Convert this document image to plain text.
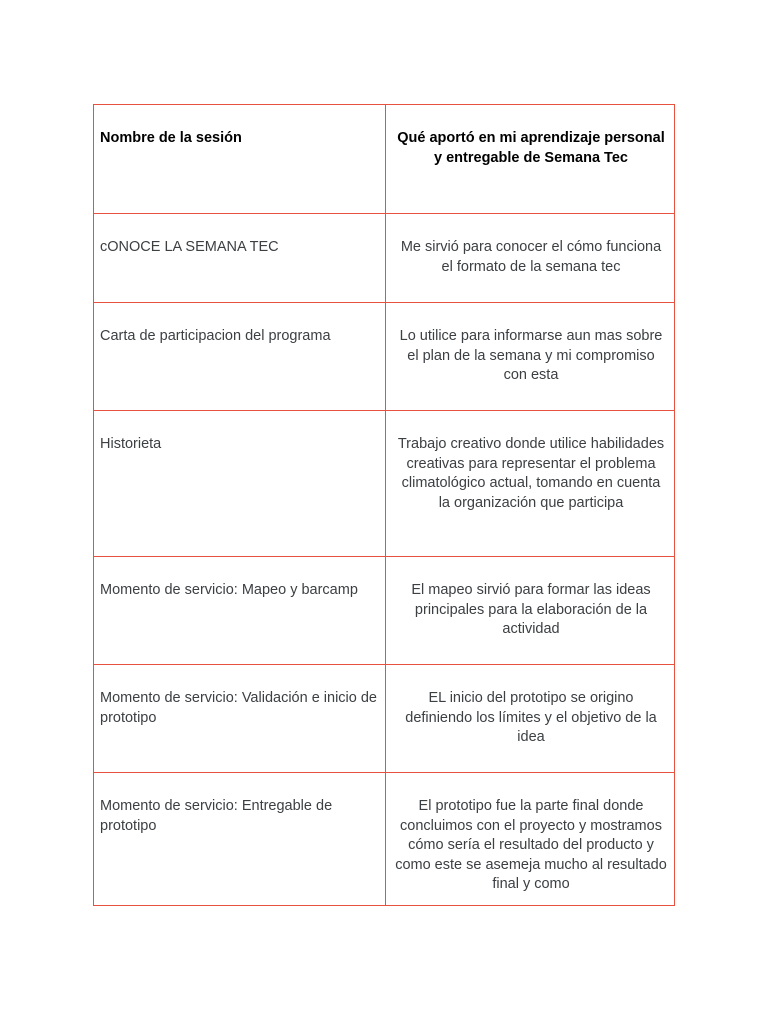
Nombre de la sesión	Qué aportó en mi aprendizaje personal y entregable de Semana Tec

cONOCE LA SEMANA TEC	Me sirvió para conocer el cómo funciona el formato de la semana tec

Carta de participacion del programa	Lo utilice para informarse aun mas sobre el plan de la semana y mi compromiso con esta

Historieta	Trabajo creativo donde utilice habilidades creativas para representar el problema climatológico actual, tomando en cuenta la organización que participa

Momento de servicio: Mapeo y barcamp	El mapeo sirvió para formar las ideas principales para la elaboración de la actividad

Momento de servicio: Validación e inicio de prototipo	EL inicio del prototipo se origino definiendo los límites y el objetivo de la idea

Momento de servicio: Entregable de prototipo	El prototipo fue la parte final donde concluimos con el proyecto y mostramos cómo sería el resultado del producto y como este se asemeja mucho al resultado final y como
